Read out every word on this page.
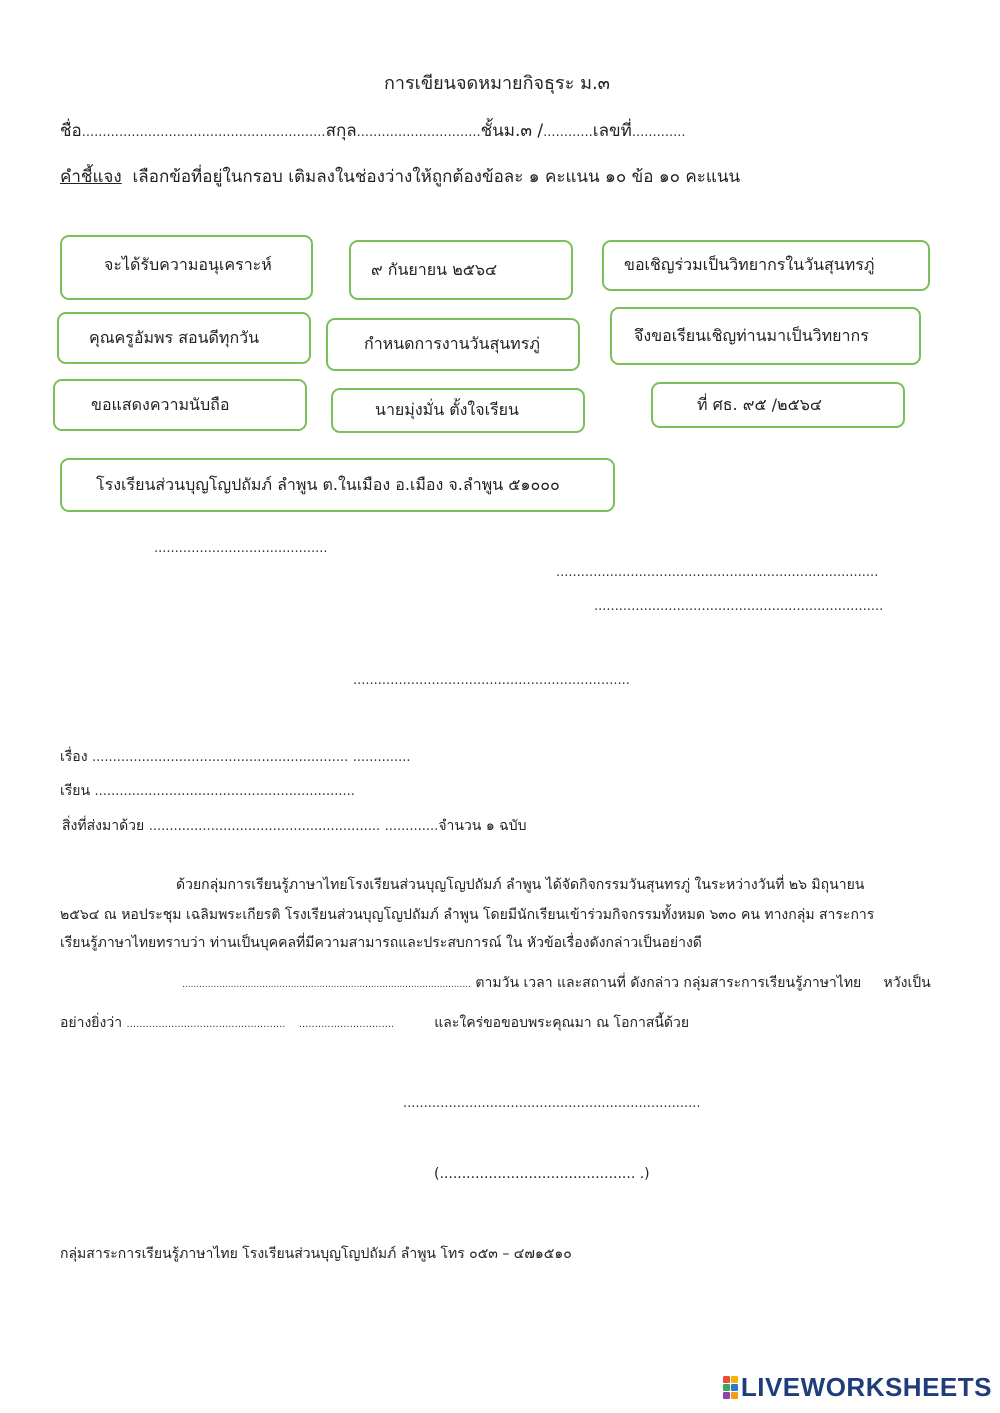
การเขียนจดหมายกิจธุระ ม.๓
ชื่อ...........................................................สกุล..............................ชั้นม.๓ /............เลขที่.............
คำชี้แจง เลือกข้อที่อยู่ในกรอบ เติมลงในช่องว่างให้ถูกต้องข้อละ ๑ คะแนน ๑๐ ข้อ ๑๐ คะแนน
จะได้รับความอนุเคราะห์	๙ กันยายน ๒๕๖๔	ขอเชิญร่วมเป็นวิทยากรในวันสุนทรภู่
คุณครูอัมพร สอนดีทุกวัน	กำหนดการงานวันสุนทรภู่	จึงขอเรียนเชิญท่านมาเป็นวิทยากร
ขอแสดงความนับถือ	นายมุ่งมั่น ตั้งใจเรียน	ที่ ศธ. ๙๕ /๒๕๖๔
โรงเรียนส่วนบุญโญปถัมภ์ ลำพูน ต.ในเมือง อ.เมือง จ.ลำพูน ๕๑๐๐๐
..........................................
..............................................................................
......................................................................
...................................................................
เรื่อง .............................................................. ..............
เรียน ...............................................................
สิ่งที่ส่งมาด้วย ........................................................ .............จำนวน ๑ ฉบับ
ด้วยกลุ่มการเรียนรู้ภาษาไทยโรงเรียนส่วนบุญโญปถัมภ์ ลำพูน ได้จัดกิจกรรมวันสุนทรภู่ ในระหว่างวันที่ ๒๖ มิถุนายน
๒๕๖๔ ณ หอประชุม เฉลิมพระเกียรติ โรงเรียนส่วนบุญโญปถัมภ์ ลำพูน โดยมีนักเรียนเข้าร่วมกิจกรรมทั้งหมด ๖๓๐ คน ทางกลุ่ม สาระการ
เรียนรู้ภาษาไทยทราบว่า ท่านเป็นบุคคลที่มีความสามารถและประสบการณ์ ใน หัวข้อเรื่องดังกล่าวเป็นอย่างดี
..................................................................................................... ตามวัน เวลา และสถานที่ ดังกล่าว กลุ่มสาระการเรียนรู้ภาษาไทย หวังเป็น
อย่างยิ่งว่า .................................................. ..............................	และใคร่ขอขอบพระคุณมา ณ โอกาสนี้ด้วย
........................................................................
(............................................ .)
กลุ่มสาระการเรียนรู้ภาษาไทย โรงเรียนส่วนบุญโญปถัมภ์ ลำพูน โทร ๐๕๓ – ๔๗๑๕๑๐
LIVEWORKSHEETS
